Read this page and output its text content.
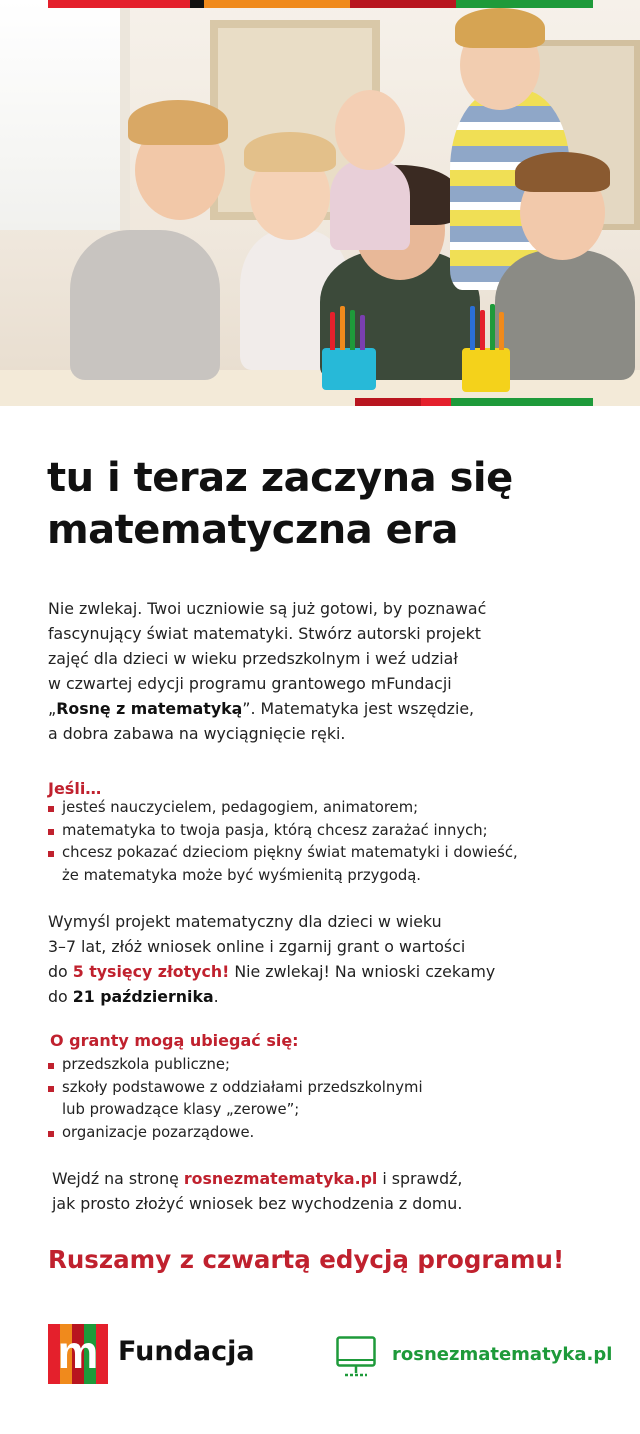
tu i teraz zaczyna się
matematyczna era

Nie zwlekaj. Twoi uczniowie są już gotowi, by poznawać

fascynujący świat matematyki. Stwórz autorski projekt

zajęć dla dzieci w wieku przedszkolnym i weź udział

w czwartej edycji programu grantowego mFundacji

„Rosnę z matematyką”. Matematyka jest wszędzie,

a dobra zabawa na wyciągnięcie ręki.

Jeśli…
jesteś nauczycielem, pedagogiem, animatorem;
matematyka to twoja pasja, którą chcesz zarażać innych;
chcesz pokazać dzieciom piękny świat matematyki i dowieść,
że matematyka może być wyśmienitą przygodą.

Wymyśl projekt matematyczny dla dzieci w wieku

3–7 lat, złóż wniosek online i zgarnij grant o wartości

do 5 tysięcy złotych! Nie zwlekaj! Na wnioski czekamy

do 21 października.

O granty mogą ubiegać się:
przedszkola publiczne;
szkoły podstawowe z oddziałami przedszkolnymi
lub prowadzące klasy „zerowe”;
organizacje pozarządowe.

Wejdź na stronę rosnezmatematyka.pl i sprawdź,

jak prosto złożyć wniosek bez wychodzenia z domu.

Ruszamy z czwartą edycją programu!
m Fundacja	rosnezmatematyka.pl
